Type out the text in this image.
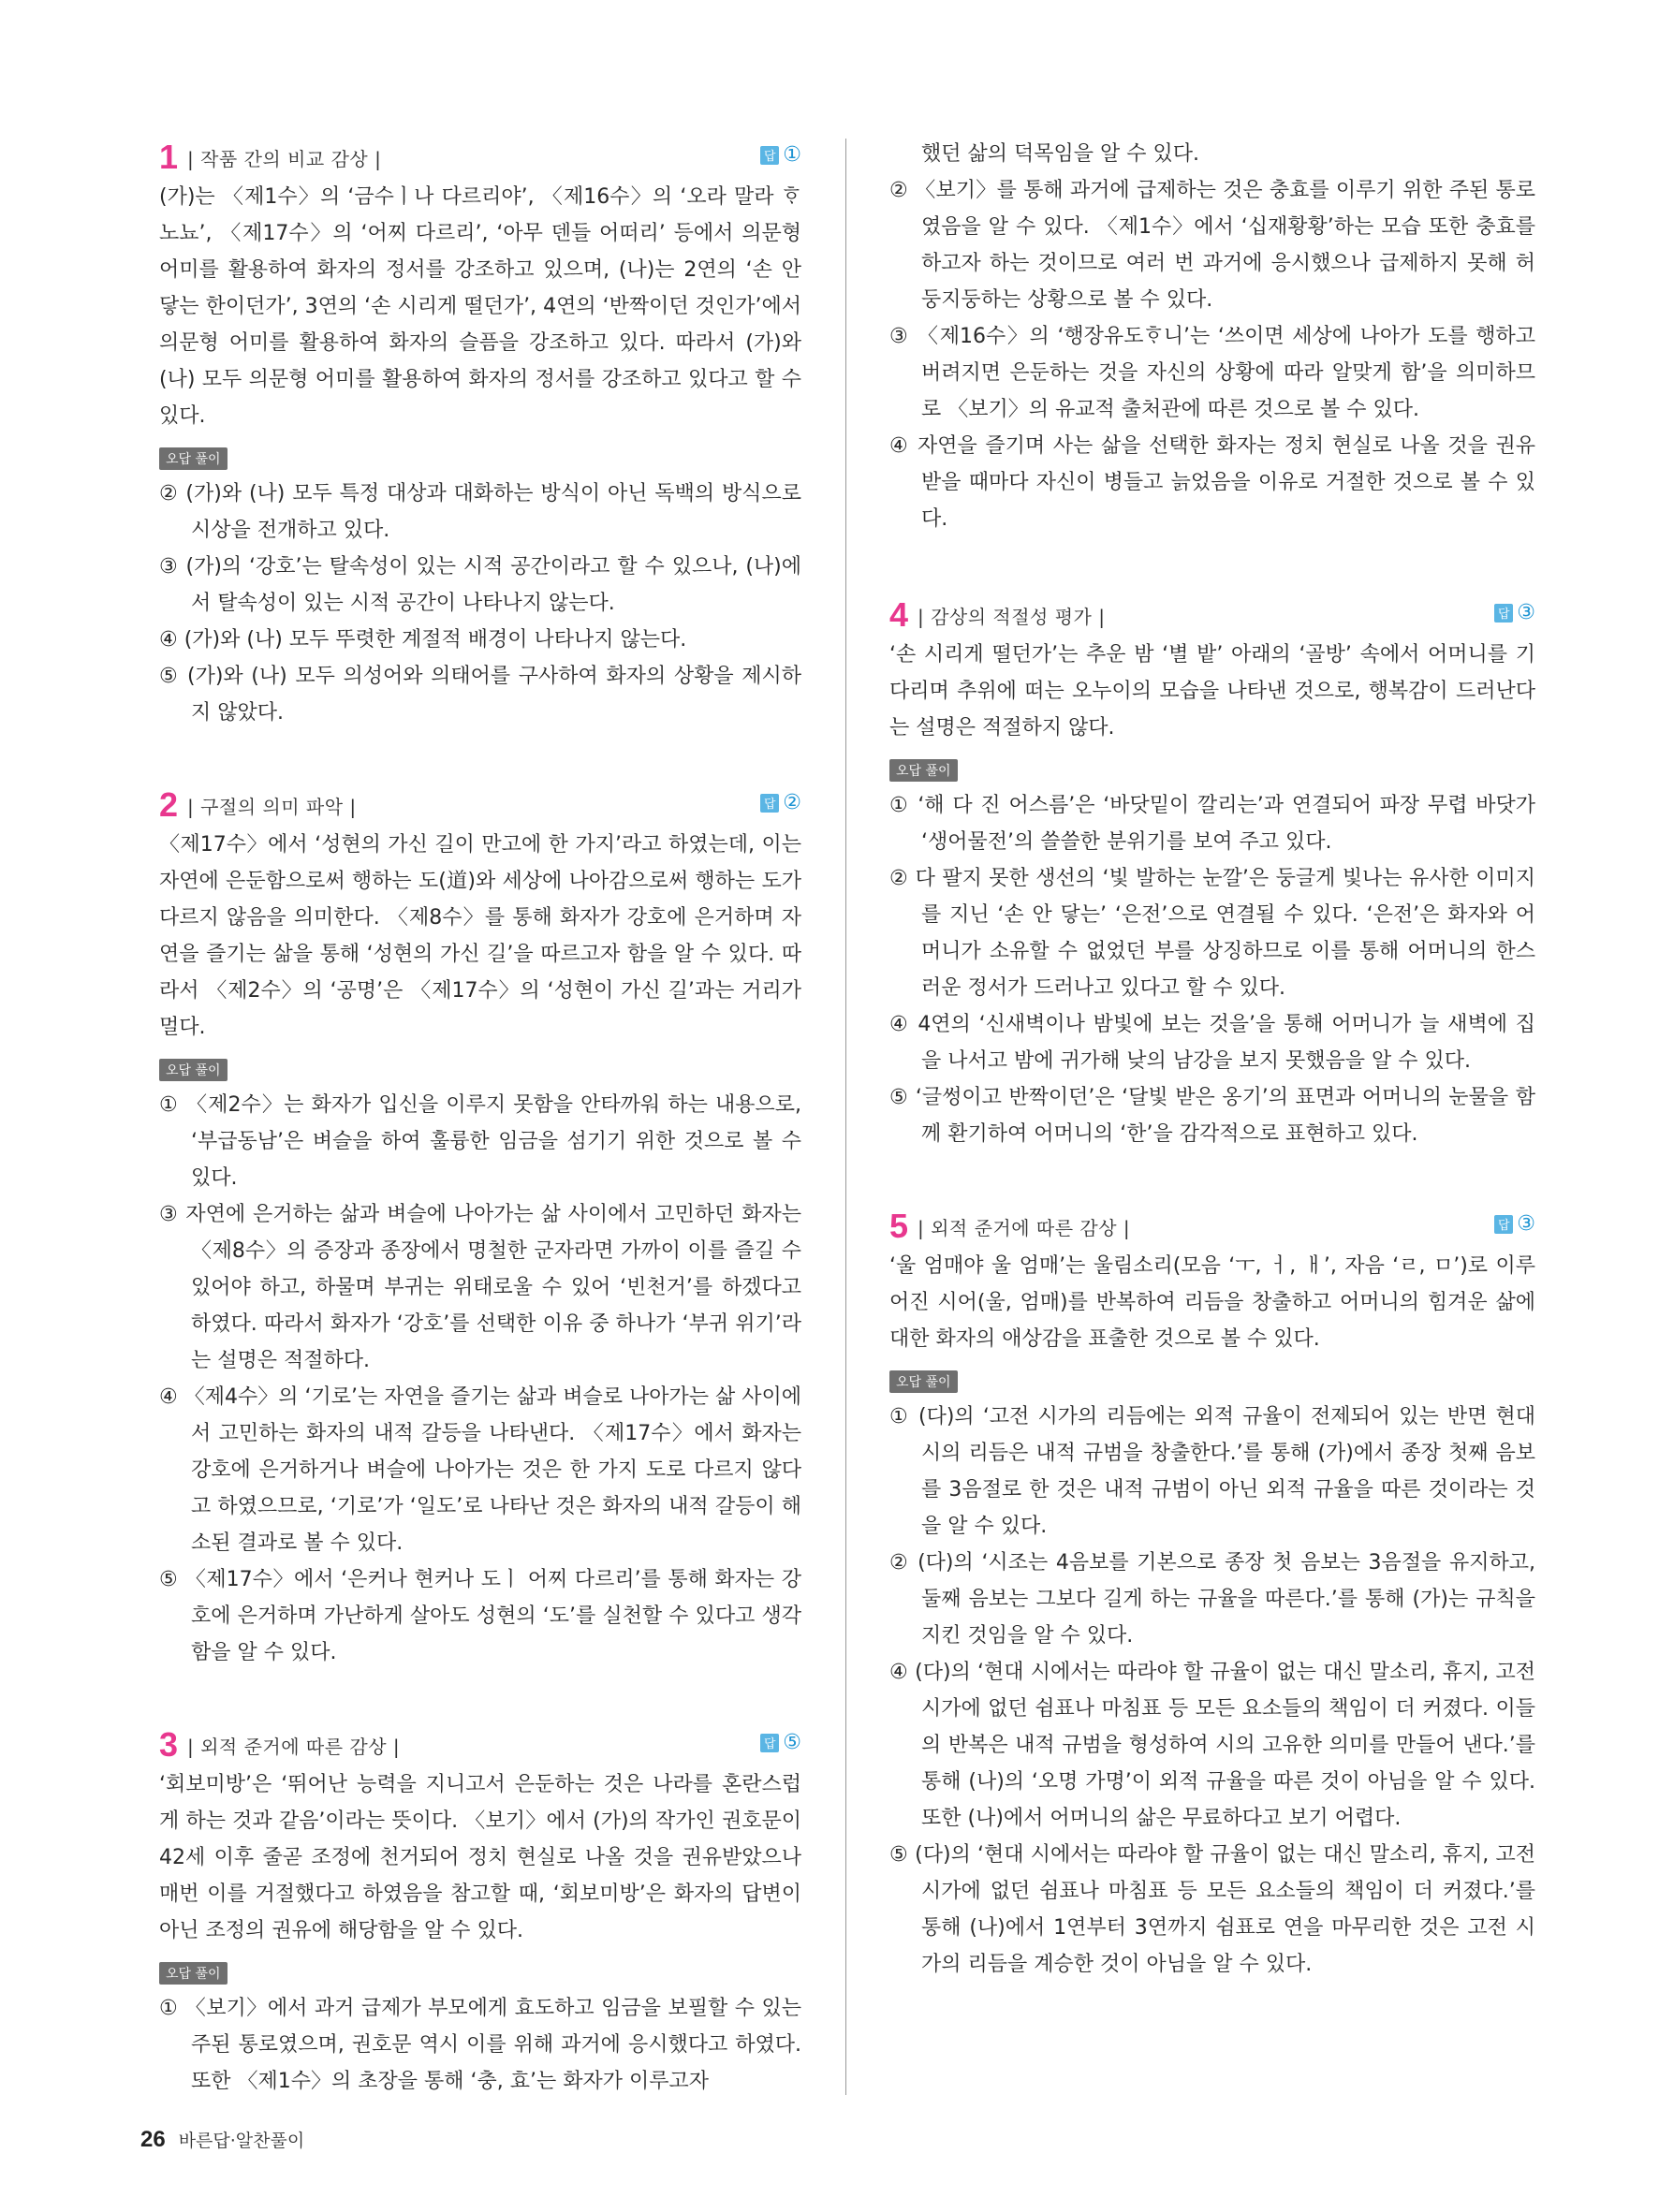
1 | 작품 간의 비교 감상 |	답 ①

(가)는 〈제1수〉의 ‘금수ㅣ나 다르리야’, 〈제16수〉의 ‘오라 말라 ᄒᆞ노뇨’, 〈제17수〉의 ‘어찌 다르리’, ‘아무 덴들 어떠리’ 등에서 의문형 어미를 활용하여 화자의 정서를 강조하고 있으며, (나)는 2연의 ‘손 안 닿는 한이던가’, 3연의 ‘손 시리게 떨던가’, 4연의 ‘반짝이던 것인가’에서 의문형 어미를 활용하여 화자의 슬픔을 강조하고 있다. 따라서 (가)와 (나) 모두 의문형 어미를 활용하여 화자의 정서를 강조하고 있다고 할 수 있다.

오답 풀이

② (가)와 (나) 모두 특정 대상과 대화하는 방식이 아닌 독백의 방식으로 시상을 전개하고 있다.

③ (가)의 ‘강호’는 탈속성이 있는 시적 공간이라고 할 수 있으나, (나)에서 탈속성이 있는 시적 공간이 나타나지 않는다.

④ (가)와 (나) 모두 뚜렷한 계절적 배경이 나타나지 않는다.

⑤ (가)와 (나) 모두 의성어와 의태어를 구사하여 화자의 상황을 제시하지 않았다.

2 | 구절의 의미 파악 |	답 ②

〈제17수〉에서 ‘성현의 가신 길이 만고에 한 가지’라고 하였는데, 이는 자연에 은둔함으로써 행하는 도(道)와 세상에 나아감으로써 행하는 도가 다르지 않음을 의미한다. 〈제8수〉를 통해 화자가 강호에 은거하며 자연을 즐기는 삶을 통해 ‘성현의 가신 길’을 따르고자 함을 알 수 있다. 따라서 〈제2수〉의 ‘공명’은 〈제17수〉의 ‘성현이 가신 길’과는 거리가 멀다.

오답 풀이

① 〈제2수〉는 화자가 입신을 이루지 못함을 안타까워 하는 내용으로, ‘부급동남’은 벼슬을 하여 훌륭한 임금을 섬기기 위한 것으로 볼 수 있다.

③ 자연에 은거하는 삶과 벼슬에 나아가는 삶 사이에서 고민하던 화자는 〈제8수〉의 증장과 종장에서 명철한 군자라면 가까이 이를 즐길 수 있어야 하고, 하물며 부귀는 위태로울 수 있어 ‘빈천거’를 하겠다고 하였다. 따라서 화자가 ‘강호’를 선택한 이유 중 하나가 ‘부귀 위기’라는 설명은 적절하다.

④ 〈제4수〉의 ‘기로’는 자연을 즐기는 삶과 벼슬로 나아가는 삶 사이에서 고민하는 화자의 내적 갈등을 나타낸다. 〈제17수〉에서 화자는 강호에 은거하거나 벼슬에 나아가는 것은 한 가지 도로 다르지 않다고 하였으므로, ‘기로’가 ‘일도’로 나타난 것은 화자의 내적 갈등이 해소된 결과로 볼 수 있다.

⑤ 〈제17수〉에서 ‘은커나 현커나 도ㅣ 어찌 다르리’를 통해 화자는 강호에 은거하며 가난하게 살아도 성현의 ‘도’를 실천할 수 있다고 생각함을 알 수 있다.

3 | 외적 준거에 따른 감상 |	답 ⑤

‘회보미방’은 ‘뛰어난 능력을 지니고서 은둔하는 것은 나라를 혼란스럽게 하는 것과 같음’이라는 뜻이다. 〈보기〉에서 (가)의 작가인 권호문이 42세 이후 줄곧 조정에 천거되어 정치 현실로 나올 것을 권유받았으나 매번 이를 거절했다고 하였음을 참고할 때, ‘회보미방’은 화자의 답변이 아닌 조정의 권유에 해당함을 알 수 있다.

오답 풀이

① 〈보기〉에서 과거 급제가 부모에게 효도하고 임금을 보필할 수 있는 주된 통로였으며, 권호문 역시 이를 위해 과거에 응시했다고 하였다. 또한 〈제1수〉의 초장을 통해 ‘충, 효’는 화자가 이루고자

했던 삶의 덕목임을 알 수 있다.

② 〈보기〉를 통해 과거에 급제하는 것은 충효를 이루기 위한 주된 통로였음을 알 수 있다. 〈제1수〉에서 ‘십재황황’하는 모습 또한 충효를 하고자 하는 것이므로 여러 번 과거에 응시했으나 급제하지 못해 허둥지둥하는 상황으로 볼 수 있다.

③ 〈제16수〉의 ‘행장유도ᄒᆞ니’는 ‘쓰이면 세상에 나아가 도를 행하고 버려지면 은둔하는 것을 자신의 상황에 따라 알맞게 함’을 의미하므로 〈보기〉의 유교적 출처관에 따른 것으로 볼 수 있다.

④ 자연을 즐기며 사는 삶을 선택한 화자는 정치 현실로 나올 것을 권유받을 때마다 자신이 병들고 늙었음을 이유로 거절한 것으로 볼 수 있다.

4 | 감상의 적절성 평가 |	답 ③

‘손 시리게 떨던가’는 추운 밤 ‘별 밭’ 아래의 ‘골방’ 속에서 어머니를 기다리며 추위에 떠는 오누이의 모습을 나타낸 것으로, 행복감이 드러난다는 설명은 적절하지 않다.

오답 풀이

① ‘해 다 진 어스름’은 ‘바닷밑이 깔리는’과 연결되어 파장 무렵 바닷가 ‘생어물전’의 쓸쓸한 분위기를 보여 주고 있다.

② 다 팔지 못한 생선의 ‘빛 발하는 눈깔’은 둥글게 빛나는 유사한 이미지를 지닌 ‘손 안 닿는’ ‘은전’으로 연결될 수 있다. ‘은전’은 화자와 어머니가 소유할 수 없었던 부를 상징하므로 이를 통해 어머니의 한스러운 정서가 드러나고 있다고 할 수 있다.

④ 4연의 ‘신새벽이나 밤빛에 보는 것을’을 통해 어머니가 늘 새벽에 집을 나서고 밤에 귀가해 낮의 남강을 보지 못했음을 알 수 있다.

⑤ ‘글썽이고 반짝이던’은 ‘달빛 받은 옹기’의 표면과 어머니의 눈물을 함께 환기하여 어머니의 ‘한’을 감각적으로 표현하고 있다.

5 | 외적 준거에 따른 감상 |	답 ③

‘울 엄매야 울 엄매’는 울림소리(모음 ‘ㅜ, ㅓ, ㅐ’, 자음 ‘ㄹ, ㅁ’)로 이루어진 시어(울, 엄매)를 반복하여 리듬을 창출하고 어머니의 힘겨운 삶에 대한 화자의 애상감을 표출한 것으로 볼 수 있다.

오답 풀이

① (다)의 ‘고전 시가의 리듬에는 외적 규율이 전제되어 있는 반면 현대 시의 리듬은 내적 규범을 창출한다.’를 통해 (가)에서 종장 첫째 음보를 3음절로 한 것은 내적 규범이 아닌 외적 규율을 따른 것이라는 것을 알 수 있다.

② (다)의 ‘시조는 4음보를 기본으로 종장 첫 음보는 3음절을 유지하고, 둘째 음보는 그보다 길게 하는 규율을 따른다.’를 통해 (가)는 규칙을 지킨 것임을 알 수 있다.

④ (다)의 ‘현대 시에서는 따라야 할 규율이 없는 대신 말소리, 휴지, 고전 시가에 없던 쉼표나 마침표 등 모든 요소들의 책임이 더 커졌다. 이들의 반복은 내적 규범을 형성하여 시의 고유한 의미를 만들어 낸다.’를 통해 (나)의 ‘오명 가명’이 외적 규율을 따른 것이 아님을 알 수 있다. 또한 (나)에서 어머니의 삶은 무료하다고 보기 어렵다.

⑤ (다)의 ‘현대 시에서는 따라야 할 규율이 없는 대신 말소리, 휴지, 고전 시가에 없던 쉼표나 마침표 등 모든 요소들의 책임이 더 커졌다.’를 통해 (나)에서 1연부터 3연까지 쉼표로 연을 마무리한 것은 고전 시가의 리듬을 계승한 것이 아님을 알 수 있다.

26 바른답·알찬풀이
